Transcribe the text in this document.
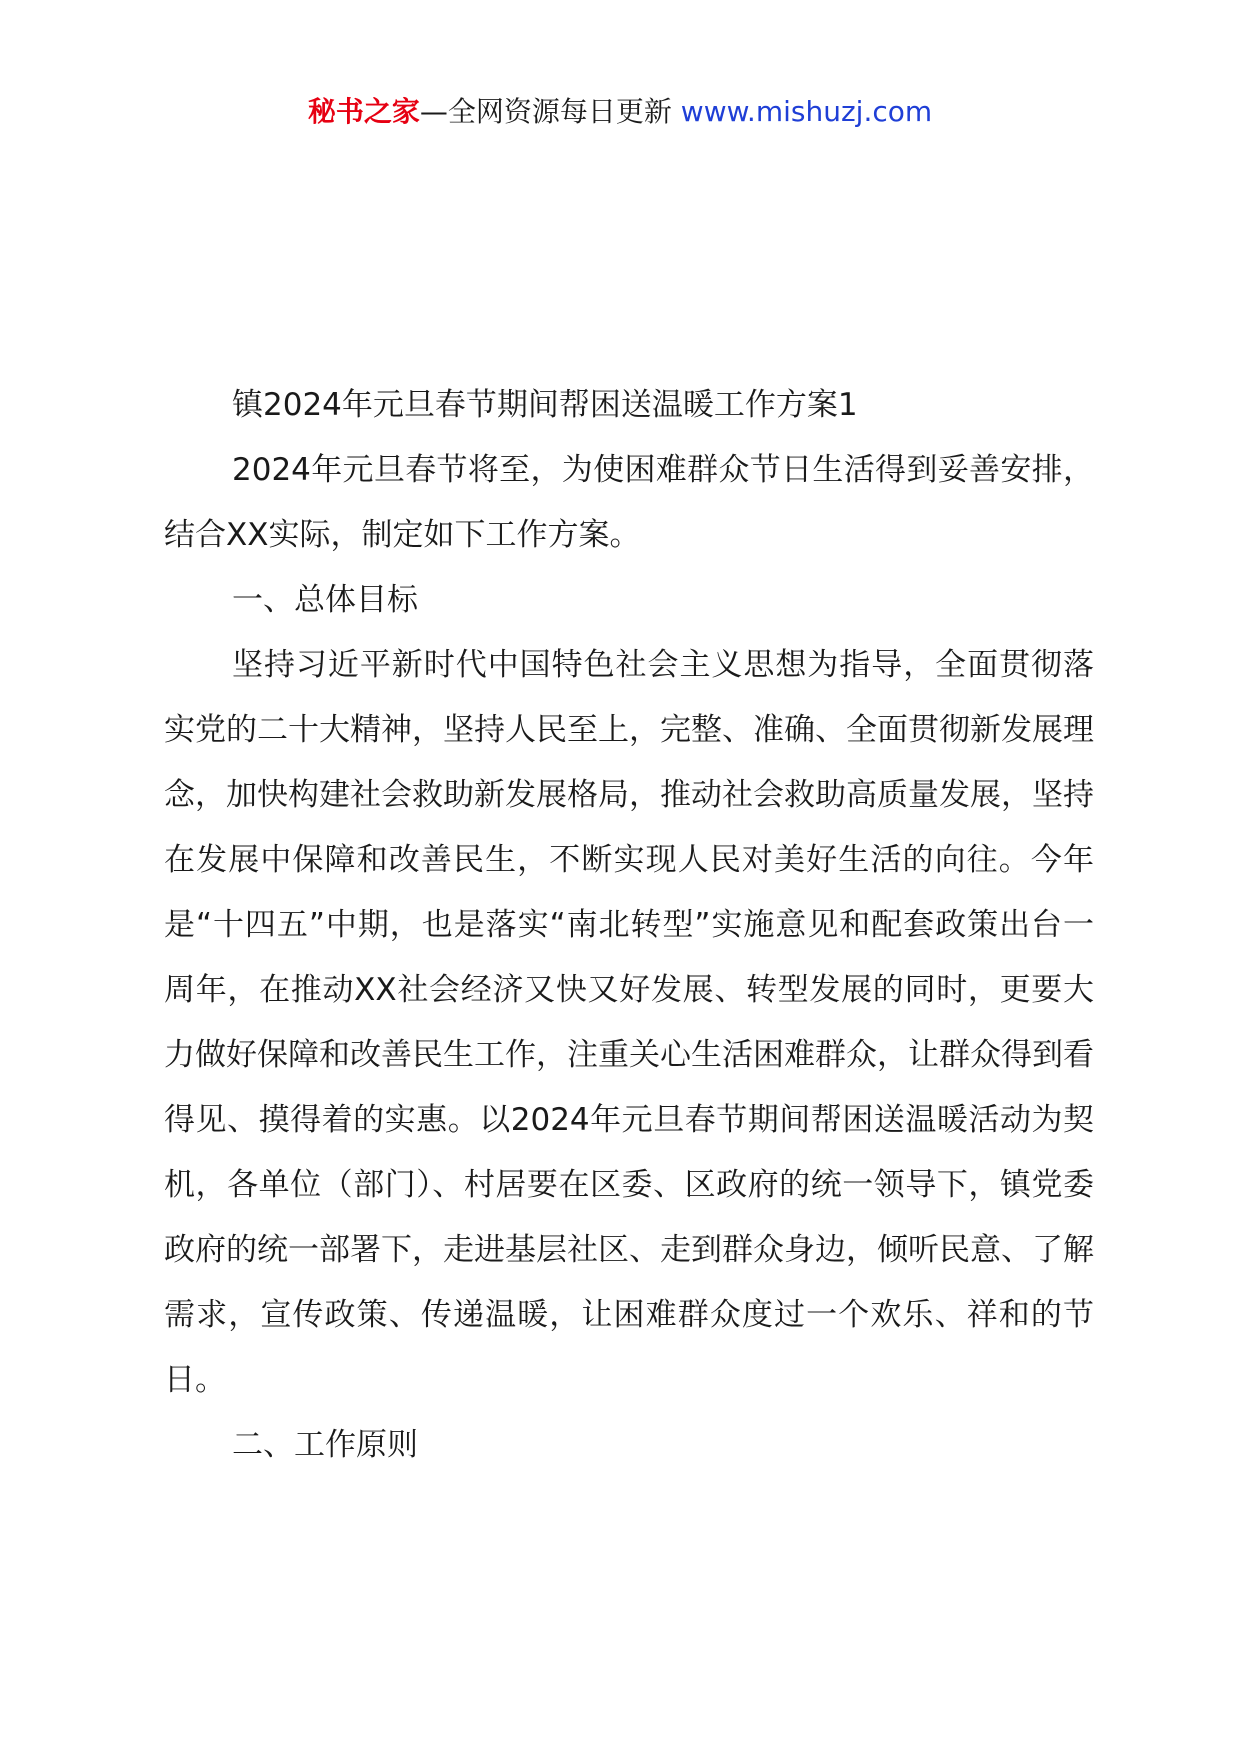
秘书之家—全网资源每日更新 www.mishuzj.com

镇2024年元旦春节期间帮困送温暖工作方案1

2024年元旦春节将至，为使困难群众节日生活得到妥善安排，结合XX实际，制定如下工作方案。

一、总体目标

坚持习近平新时代中国特色社会主义思想为指导，全面贯彻落实党的二十大精神，坚持人民至上，完整、准确、全面贯彻新发展理念，加快构建社会救助新发展格局，推动社会救助高质量发展，坚持在发展中保障和改善民生，不断实现人民对美好生活的向往。今年是“十四五”中期，也是落实“南北转型”实施意见和配套政策出台一周年，在推动XX社会经济又快又好发展、转型发展的同时，更要大力做好保障和改善民生工作，注重关心生活困难群众，让群众得到看得见、摸得着的实惠。以2024年元旦春节期间帮困送温暖活动为契机，各单位（部门）、村居要在区委、区政府的统一领导下，镇党委政府的统一部署下，走进基层社区、走到群众身边，倾听民意、了解需求，宣传政策、传递温暖，让困难群众度过一个欢乐、祥和的节日。

二、工作原则
